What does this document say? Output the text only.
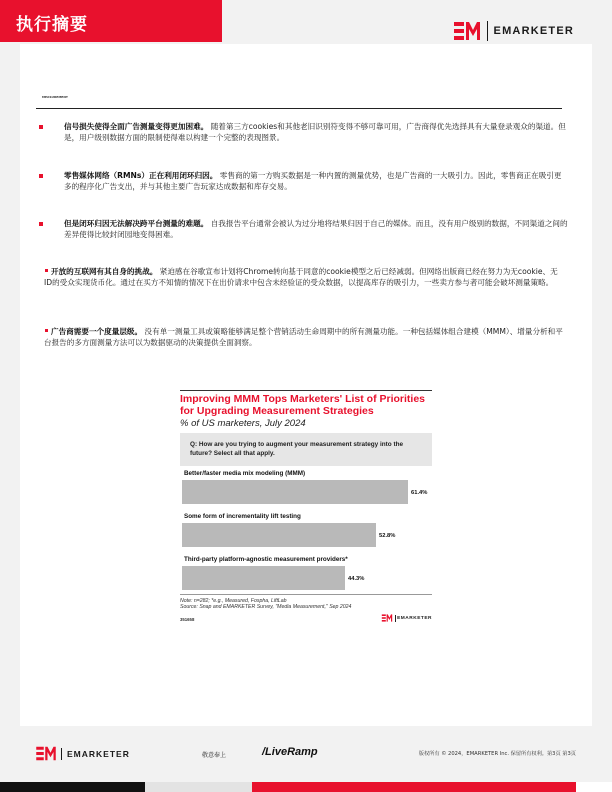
执行摘要	EMARKETER
MEASUREMENT
信号损失使得全面广告测量变得更加困难。 随着第三方cookies和其他老旧识别符变得不够可靠可用，广告商得优先选择具有大量登录观众的渠道。但是，用户级别数据方面的限制使得难以构建一个完整的表现图景。
零售媒体网络（RMNs）正在利用闭环归因。 零售商的第一方购买数据是一种内置的测量优势，也是广告商的一大吸引力。因此，零售商正在吸引更多的程序化广告支出，并与其他主要广告玩家达成数据和库存交易。
但是闭环归因无法解决跨平台测量的难题。 自我报告平台通常会被认为过分地将结果归因于自己的媒体。而且，没有用户级别的数据，不同渠道之间的差异使得比较封闭园地变得困难。
开放的互联网有其自身的挑战。 紧迫感在谷歌宣布计划将Chrome转向基于同意的cookie模型之后已经减弱。但网络出版商已经在努力为无cookie、无ID的受众实现货币化。通过在买方不知情的情况下在出价请求中包含未经验证的受众数据，以提高库存的吸引力，一些卖方参与者可能会破坏测量策略。
广告商需要一个度量层级。 没有单一测量工具或策略能够满足整个营销活动生命周期中的所有测量功能。一种包括媒体组合建模（MMM）、增量分析和平台报告的多方面测量方法可以为数据驱动的决策提供全面洞察。
Improving MMM Tops Marketers' List of Priorities for Upgrading Measurement Strategies
% of US marketers, July 2024
Q: How are you trying to augment your measurement strategy into the future? Select all that apply.
Better/faster media mix modeling (MMM)
61.4%
Some form of incrementality lift testing
52.8%
Third-party platform-agnostic measurement providers*
44.3%
Note: n=282; *e.g., Measured, Fospha, LiftLab
Source: Snap and EMARKETER Survey, "Media Measurement," Sep 2024
351658	EMARKETER
EMARKETER	敬意奉上	/LiveRamp	版权所有 © 2024，EMARKETER Inc. 保留所有权利。第3页 第3页
